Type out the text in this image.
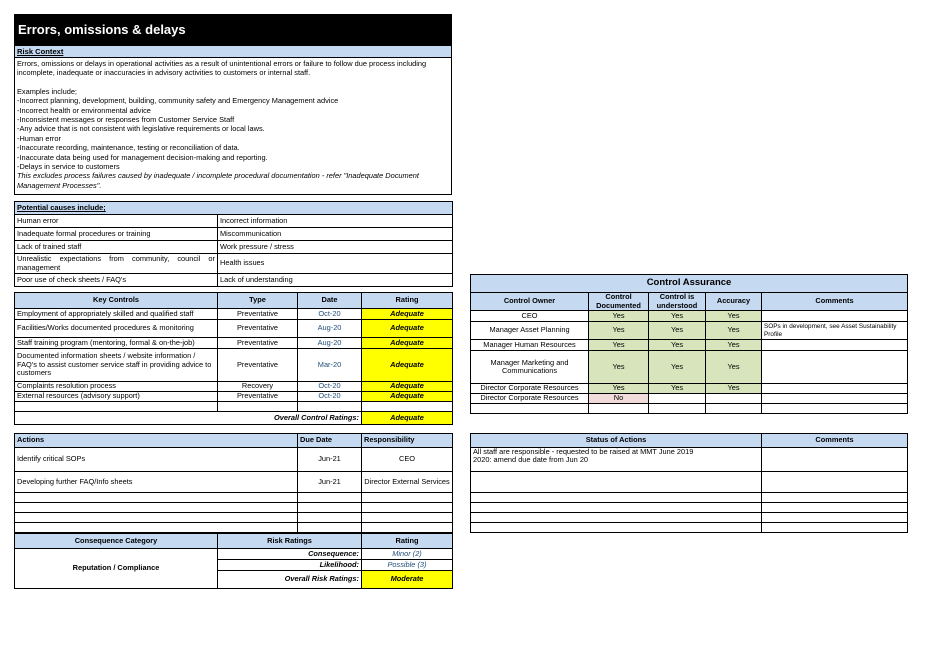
Errors, omissions & delays
Risk Context
Errors, omissions or delays in operational activities as a result of unintentional errors or failure to follow due process including incomplete, inadequate or inaccuracies in advisory activities to customers or internal staff.
Examples include;
-Incorrect planning, development, building, community safety and Emergency Management advice
-Incorrect health or environmental advice
-Inconsistent messages or responses from Customer Service Staff
-Any advice that is not consistent with legislative requirements or local laws.
-Human error
-Inaccurate recording, maintenance, testing or reconciliation of data.
-Inaccurate data being used for management decision-making and reporting.
-Delays in service to customers
This excludes process failures caused by inadequate / incomplete procedural documentation - refer "Inadequate Document Management Processes".
Potential causes include;	
Human error	Incorrect information
Inadequate formal procedures or training	Miscommunication
Lack of trained staff	Work pressure / stress
Unrealistic expectations from community, council or management	Health issues
Poor use of check sheets / FAQ's	Lack of understanding
Key Controls	Type	Date	Rating
Employment of appropriately skilled and qualified staff	Preventative	Oct-20	Adequate
Facilities/Works documented procedures & monitoring	Preventative	Aug-20	Adequate
Staff training program (mentoring, formal & on-the-job)	Preventative	Aug-20	Adequate
Documented information sheets / website information / FAQ's to assist customer service staff in providing advice to customers	Preventative	Mar-20	Adequate
Complaints resolution process	Recovery	Oct-20	Adequate
External resources (advisory support)	Preventative	Oct-20	Adequate

Overall Control Ratings:			Adequate
Control Assurance				
Control Owner	Control Documented	Control is understood	Accuracy	Comments
CEO	Yes	Yes	Yes	
Manager Asset Planning	Yes	Yes	Yes	SOPs in development, see Asset Sustainability Profile
Manager Human Resources	Yes	Yes	Yes	
Manager Marketing and Communications	Yes	Yes	Yes	
Director Corporate Resources	Yes	Yes	Yes	
Director Corporate Resources	No			

Actions	Due Date	Responsibility
Identify critical SOPs	Jun-21	CEO
Developing further FAQ/Info sheets	Jun-21	Director External Services

Status of Actions	Comments
All staff are responsible - requested to be raised at MMT June 2019
2020: amend due date from Jun 20	

Consequence Category	Risk Ratings	Rating
Reputation / Compliance	Consequence:	Minor (2)
	Likelihood:	Possible (3)
	Overall Risk Ratings:	Moderate
